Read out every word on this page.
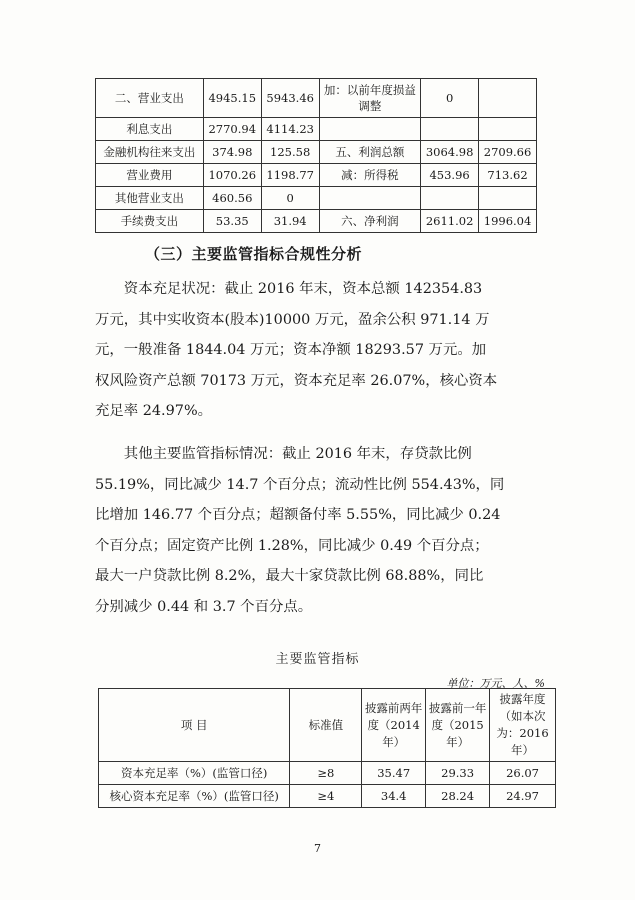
二、营业支出	4945.15	5943.46	加：以前年度损益调整	0	
利息支出	2770.94	4114.23			
金融机构往来支出	374.98	125.58	五、利润总额	3064.98	2709.66
营业费用	1070.26	1198.77	减：所得税	453.96	713.62
其他营业支出	460.56	0			
手续费支出	53.35	31.94	六、净利润	2611.02	1996.04
（三）主要监管指标合规性分析

资本充足状况：截止 2016 年末，资本总额 142354.83
万元，其中实收资本(股本)10000 万元，盈余公积 971.14 万
元，一般准备 1844.04 万元；资本净额 18293.57 万元。加
权风险资产总额 70173 万元，资本充足率 26.07%，核心资本
充足率 24.97%。

其他主要监管指标情况：截止 2016 年末，存贷款比例
55.19%，同比减少 14.7 个百分点；流动性比例 554.43%，同
比增加 146.77 个百分点；超额备付率 5.55%，同比减少 0.24
个百分点；固定资产比例 1.28%，同比减少 0.49 个百分点；
最大一户贷款比例 8.2%，最大十家贷款比例 68.88%，同比
分别减少 0.44 和 3.7 个百分点。

主要监管指标
单位：万元、人、%
项 目	标准值	披露前两年度（2014年）	披露前一年度（2015年）	披露年度（如本次为：2016年）
资本充足率（%）(监管口径)	≥8	35.47	29.33	26.07
核心资本充足率（%）(监管口径)	≥4	34.4	28.24	24.97
7
